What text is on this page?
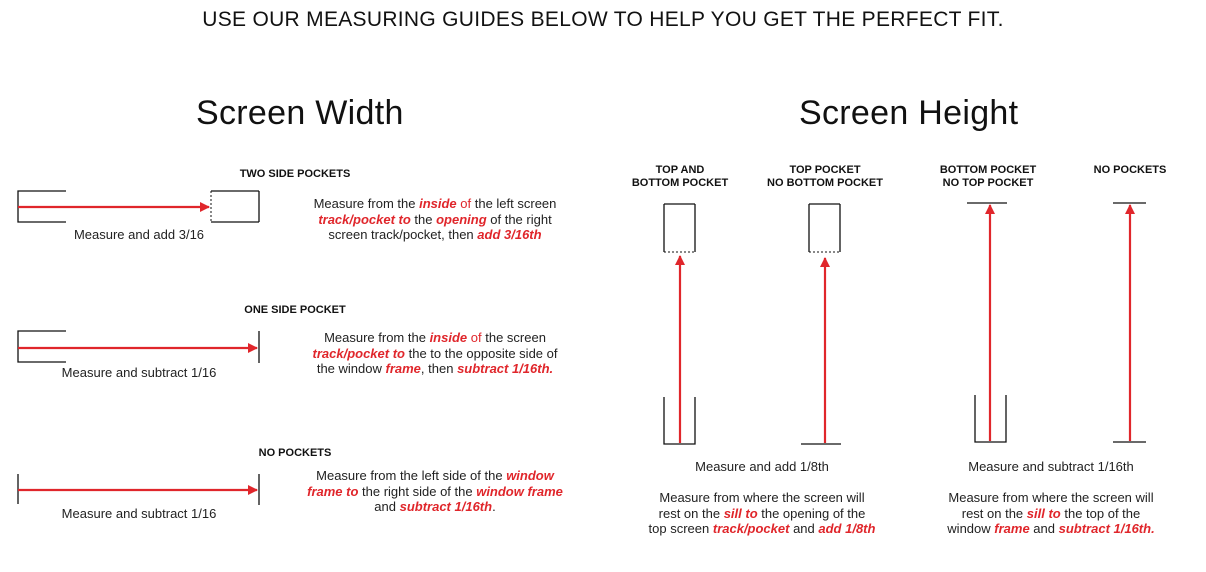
USE OUR MEASURING GUIDES BELOW TO HELP YOU GET THE PERFECT FIT.
Screen Width	Screen Height
TWO SIDE POCKETS
ONE SIDE POCKET
NO POCKETS
Measure and add 3/16
Measure and subtract 1/16
Measure and subtract 1/16
Measure from the inside of the left screen
track/pocket to the opening of the right
screen track/pocket, then add 3/16th
Measure from the inside of the screen
track/pocket to the to the opposite side of
the window frame, then subtract 1/16th.
Measure from the left side of the window
frame to the right side of the window frame
and subtract 1/16th.
TOP AND
BOTTOM POCKET
TOP POCKET
NO BOTTOM POCKET
BOTTOM POCKET
NO TOP POCKET
NO POCKETS
Measure and add 1/8th	Measure and subtract 1/16th
Measure from where the screen will
rest on the sill to the opening of the
top screen track/pocket and add 1/8th
Measure from where the screen will
rest on the sill to the top of the
window frame and subtract 1/16th.
